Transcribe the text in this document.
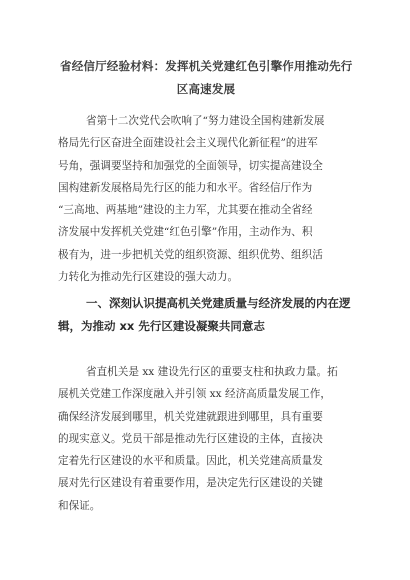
省经信厅经验材料：发挥机关党建红色引擎作用推动先行
区高速发展
省第十二次党代会吹响了“努力建设全国构建新发展
格局先行区奋进全面建设社会主义现代化新征程”的进军
号角，强调要坚持和加强党的全面领导，切实提高建设全
国构建新发展格局先行区的能力和水平。省经信厅作为
“三高地、两基地”建设的主力军，尤其要在推动全省经
济发展中发挥机关党建“红色引擎”作用，主动作为、积
极有为，进一步把机关党的组织资源、组织优势、组织活
力转化为推动先行区建设的强大动力。
一、深刻认识提高机关党建质量与经济发展的内在逻
辑，为推动 xx 先行区建设凝聚共同意志
省直机关是 xx 建设先行区的重要支柱和执政力量。拓
展机关党建工作深度融入并引领 xx 经济高质量发展工作，
确保经济发展到哪里，机关党建就跟进到哪里，具有重要
的现实意义。党员干部是推动先行区建设的主体，直接决
定着先行区建设的水平和质量。因此，机关党建高质量发
展对先行区建设有着重要作用，是决定先行区建设的关键
和保证。
